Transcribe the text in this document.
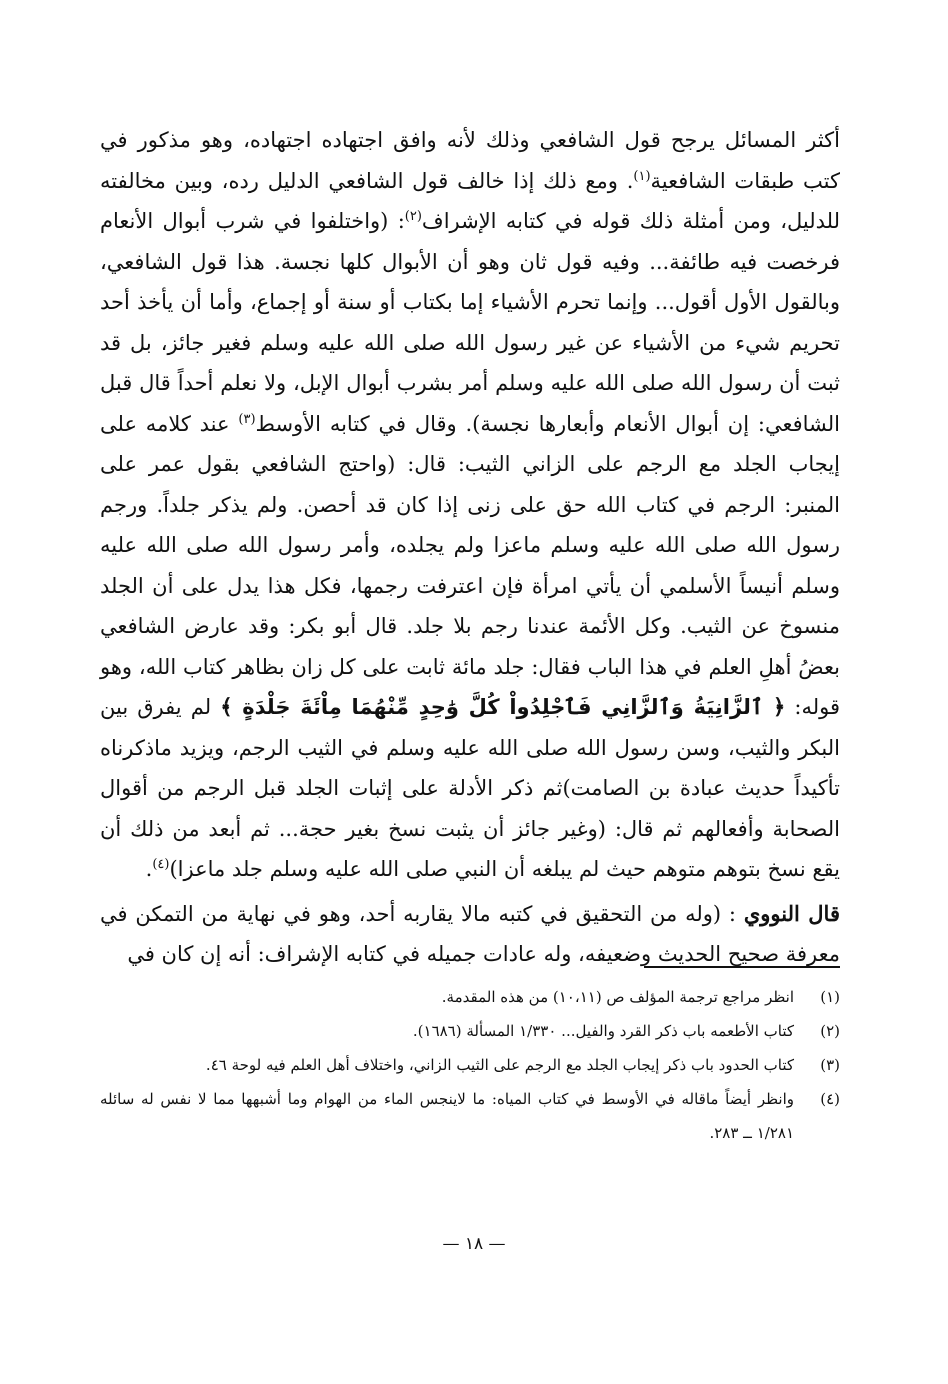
أكثر المسائل يرجح قول الشافعي وذلك لأنه وافق اجتهاده اجتهاده، وهو مذكور في كتب طبقات الشافعية$^{(١)}$. ومع ذلك إذا خالف قول الشافعي الدليل رده، وبين مخالفته للدليل، ومن أمثلة ذلك قوله في كتابه الإشراف$^{(٢)}$: (واختلفوا في شرب أبوال الأنعام فرخصت فيه طائفة... وفيه قول ثان وهو أن الأبوال كلها نجسة. هذا قول الشافعي، وبالقول الأول أقول... وإنما تحرم الأشياء إما بكتاب أو سنة أو إجماع، وأما أن يأخذ أحد تحريم شيء من الأشياء عن غير رسول الله صلى الله عليه وسلم فغير جائز، بل قد ثبت أن رسول الله صلى الله عليه وسلم أمر بشرب أبوال الإبل، ولا نعلم أحداً قال قبل الشافعي: إن أبوال الأنعام وأبعارها نجسة). وقال في كتابه الأوسط$^{(٣)}$ عند كلامه على إيجاب الجلد مع الرجم على الزاني الثيب: قال: (واحتج الشافعي بقول عمر على المنبر: الرجم في كتاب الله حق على زنى إذا كان قد أحصن. ولم يذكر جلداً. ورجم رسول الله صلى الله عليه وسلم ماعزا ولم يجلده، وأمر رسول الله صلى الله عليه وسلم أنيساً الأسلمي أن يأتي امرأة فإن اعترفت رجمها، فكل هذا يدل على أن الجلد منسوخ عن الثيب. وكل الأئمة عندنا رجم بلا جلد. قال أبو بكر: وقد عارض الشافعي بعضُ أهلِ العلم في هذا الباب فقال: جلد مائة ثابت على كل زان بظاهر كتاب الله، وهو قوله: ﴿ ٱلزَّانِيَةُ وَٱلزَّانِي فَٱجْلِدُواْ كُلَّ وَٰحِدٍ مِّنْهُمَا مِاْئَةَ جَلْدَةٍ ﴾ لم يفرق بين البكر والثيب، وسن رسول الله صلى الله عليه وسلم في الثيب الرجم، ويزيد ماذكرناه تأكيداً حديث عبادة بن الصامت)ثم ذكر الأدلة على إثبات الجلد قبل الرجم من أقوال الصحابة وأفعالهم ثم قال: (وغير جائز أن يثبت نسخ بغير حجة... ثم أبعد من ذلك أن يقع نسخ بتوهم متوهم حيث لم يبلغه أن النبي صلى الله عليه وسلم جلد ماعزا)$^{(٤)}$.

قال النووي : (وله من التحقيق في كتبه مالا يقاربه أحد، وهو في نهاية من التمكن في معرفة صحيح الحديث وضعيفه، وله عادات جميله في كتابه الإشراف: أنه إن كان في

(١)
انظر مراجع ترجمة المؤلف ص (١٠،١١) من هذه المقدمة.
(٢)
كتاب الأطعمه باب ذكر القرد والفيل... ١/٣٣٠ المسألة (١٦٨٦).
(٣)
كتاب الحدود باب ذكر إيجاب الجلد مع الرجم على الثيب الزاني، واختلاف أهل العلم فيه لوحة ٤٦.
(٤)
وانظر أيضاً ماقاله في الأوسط في كتاب المياه: ما لاينجس الماء من الهوام وما أشبهها مما لا نفس له سائله ١/٢٨١ ــ ٢٨٣.
— ١٨ —
